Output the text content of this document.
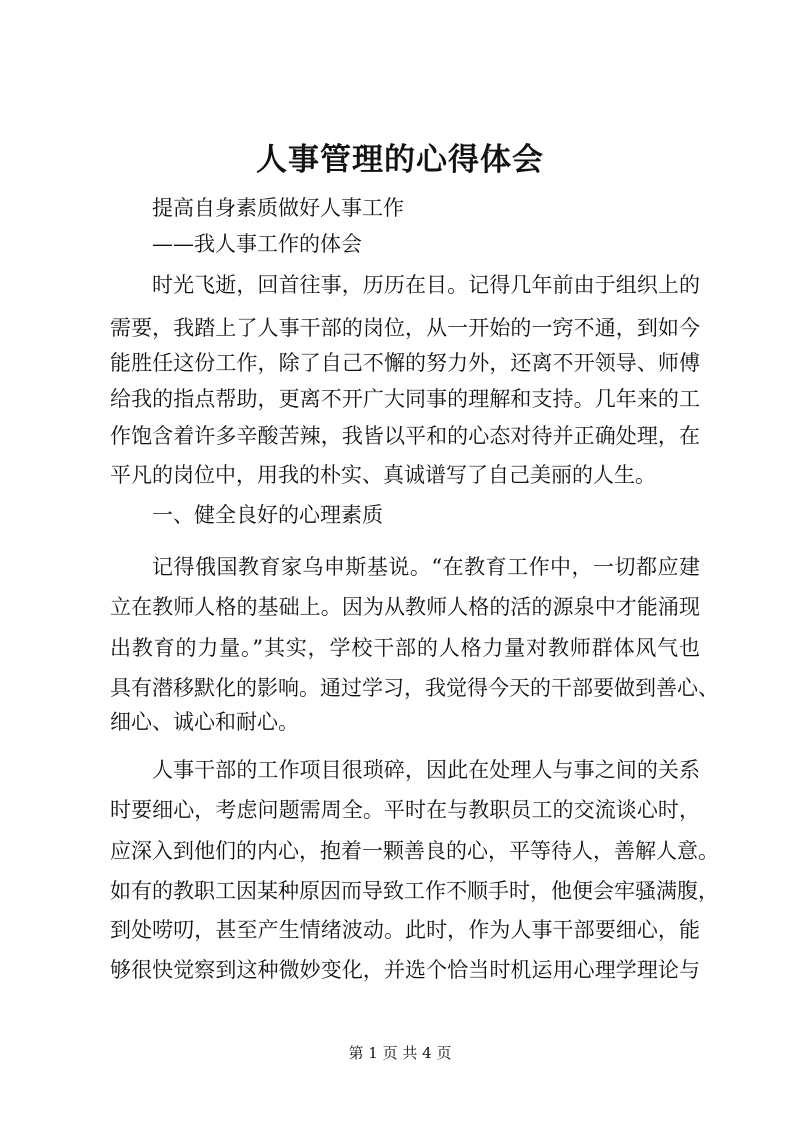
人事管理的心得体会
提高自身素质做好人事工作
——我人事工作的体会
时光飞逝，回首往事，历历在目。记得几年前由于组织上的
需要，我踏上了人事干部的岗位，从一开始的一窍不通，到如今
能胜任这份工作，除了自己不懈的努力外，还离不开领导、师傅
给我的指点帮助，更离不开广大同事的理解和支持。几年来的工
作饱含着许多辛酸苦辣，我皆以平和的心态对待并正确处理，在
平凡的岗位中，用我的朴实、真诚谱写了自己美丽的人生。
一、健全良好的心理素质
记得俄国教育家乌申斯基说。“在教育工作中，一切都应建
立在教师人格的基础上。因为从教师人格的活的源泉中才能涌现
出教育的力量。”其实，学校干部的人格力量对教师群体风气也
具有潜移默化的影响。通过学习，我觉得今天的干部要做到善心、
细心、诚心和耐心。
人事干部的工作项目很琐碎，因此在处理人与事之间的关系
时要细心，考虑问题需周全。平时在与教职员工的交流谈心时，
应深入到他们的内心，抱着一颗善良的心，平等待人，善解人意。
如有的教职工因某种原因而导致工作不顺手时，他便会牢骚满腹，
到处唠叨，甚至产生情绪波动。此时，作为人事干部要细心，能
够很快觉察到这种微妙变化，并选个恰当时机运用心理学理论与
第 1 页 共 4 页
